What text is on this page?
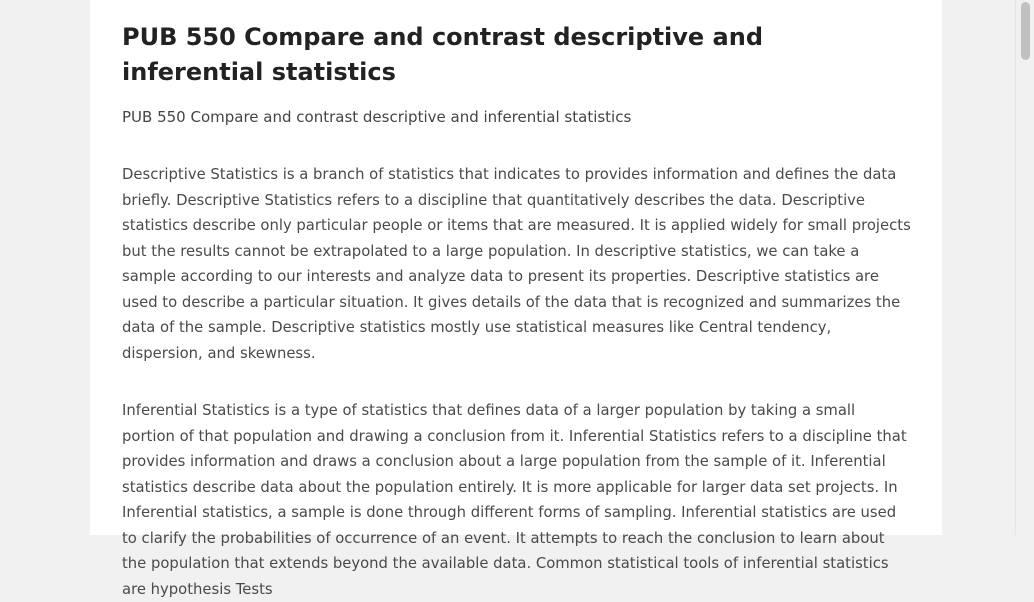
PUB 550 Compare and contrast descriptive and inferential statistics

PUB 550 Compare and contrast descriptive and inferential statistics

Descriptive Statistics is a branch of statistics that indicates to provides information and defines the data briefly. Descriptive Statistics refers to a discipline that quantitatively describes the data. Descriptive statistics describe only particular people or items that are measured. It is applied widely for small projects but the results cannot be extrapolated to a large population. In descriptive statistics, we can take a sample according to our interests and analyze data to present its properties. Descriptive statistics are used to describe a particular situation. It gives details of the data that is recognized and summarizes the data of the sample. Descriptive statistics mostly use statistical measures like Central tendency, dispersion, and skewness.

Inferential Statistics is a type of statistics that defines data of a larger population by taking a small portion of that population and drawing a conclusion from it. Inferential Statistics refers to a discipline that provides information and draws a conclusion about a large population from the sample of it. Inferential statistics describe data about the population entirely. It is more applicable for larger data set projects. In Inferential statistics, a sample is done through different forms of sampling. Inferential statistics are used to clarify the probabilities of occurrence of an event. It attempts to reach the conclusion to learn about the population that extends beyond the available data. Common statistical tools of inferential statistics are hypothesis Tests
